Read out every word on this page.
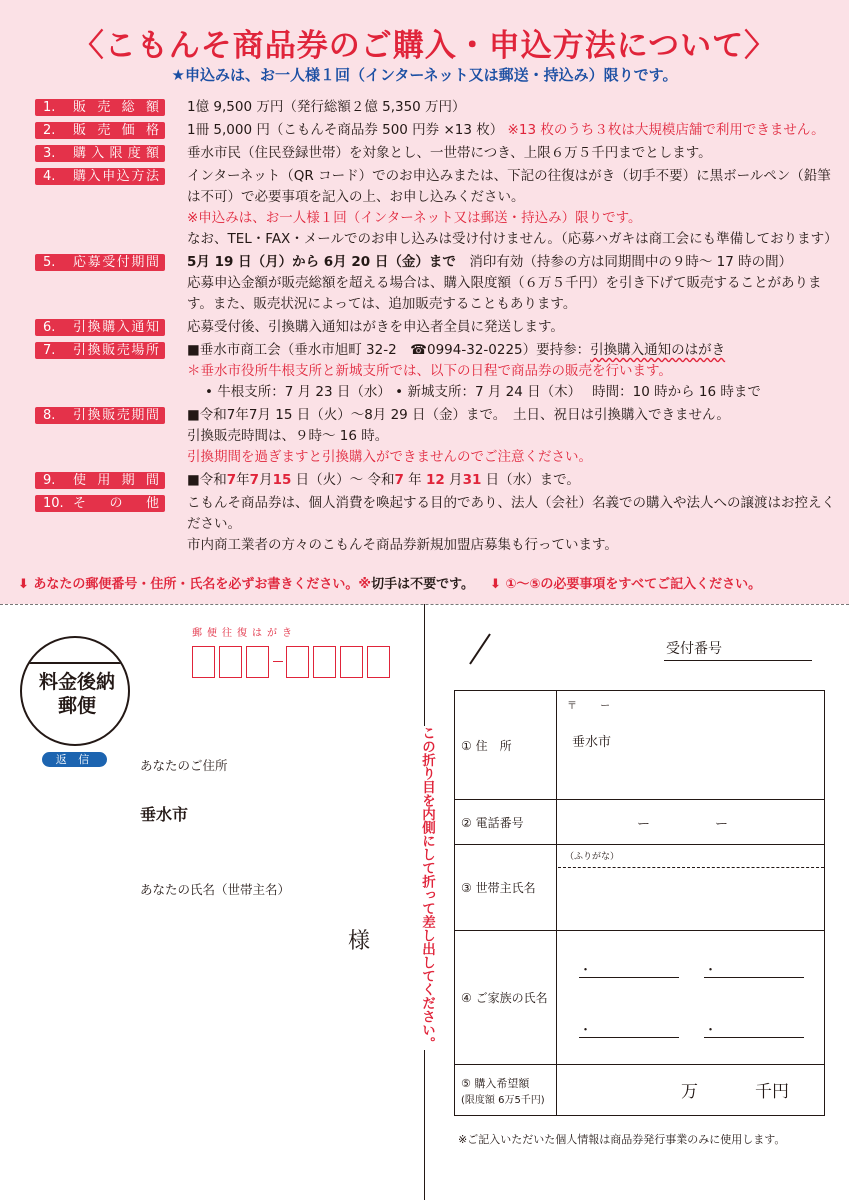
〈こもんそ商品券のご購入・申込方法について〉
★申込みは、お一人様１回（インターネット又は郵送・持込み）限りです。
1.	販売総額 1億 9,500 万円（発行総額２億 5,350 万円）

2.	販売価格 1冊 5,000 円（こもんそ商品券 500 円券 ×13 枚） ※13 枚のうち３枚は大規模店舗で利用できません。

3.	購入限度額 垂水市民（住民登録世帯）を対象とし、一世帯につき、上限６万５千円までとします。

4.	購入申込方法 インターネット（QR コード）でのお申込みまたは、下記の往復はがき（切手不要）に黒ボールペン（鉛筆は不可）で必要事項を記入の上、お申し込みください。

※申込みは、お一人様１回（インターネット又は郵送・持込み）限りです。

なお、TEL・FAX・メールでのお申し込みは受け付けません。（応募ハガキは商工会にも準備しております）

5.	応募受付期間 5月 19 日（月）から 6月 20 日（金）まで　 消印有効（持参の方は同期間中の９時～ 17 時の間）

応募申込金額が販売総額を超える場合は、購入限度額（６万５千円）を引き下げて販売することがあります。また、販売状況によっては、追加販売することもあります。

6.	引換購入通知 応募受付後、引換購入通知はがきを申込者全員に発送します。

7.	引換販売場所 ■垂水市商工会（垂水市旭町 32-2　☎0994-32-0225）要持参：引換購入通知のはがき

＊垂水市役所牛根支所と新城支所では、以下の日程で商品券の販売を行います。

• 牛根支所：7 月 23 日（水） • 新城支所：7 月 24 日（木）　 時間：10 時から 16 時まで

8.	引換販売期間 ■令和7年7月 15 日（火）～8月 29 日（金）まで。　土日、祝日は引換購入できません。

引換販売時間は、９時～ 16 時。

引換期間を過ぎますと引換購入ができませんのでご注意ください。

9.	使用期間 ■令和7年7月15 日（火）～ 令和7 年 12 月31 日（水）まで。

10. その他 こもんそ商品券は、個人消費を喚起する目的であり、法人（会社）名義での購入や法人への譲渡はお控えください。

市内商工業者の方々のこもんそ商品券新規加盟店募集も行っています。

⬇ あなたの郵便番号・住所・氏名を必ずお書きください。※切手は不要です。	⬇ ①～⑤の必要事項をすべてご記入ください。
料金後納
郵便
郵便往復はがき
返 信	あなたのご住所
垂水市
あなたの氏名（世帯主名）
様	この折り目を内側にして折って差し出してください。
受付番号
① 住　所
〒　　 ー
垂水市
② 電話番号	ー　　　　　ー
③ 世帯主氏名
（ふりがな）
④ ご家族の氏名
・	・
・	・
⑤ 購入希望額
(限度額 6万5千円)	万	千円
※ご記入いただいた個人情報は商品券発行事業のみに使用します。
